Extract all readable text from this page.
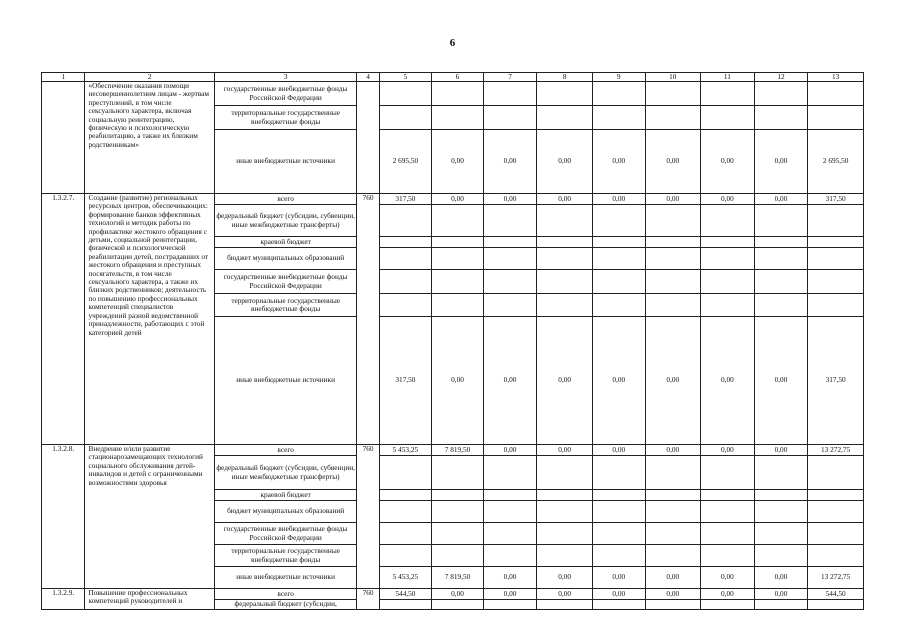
6
1	2	3	4	5	6	7	8	9	10	11	12	13
	«Обеспечение оказания помощи несовершеннолетним лицам - жертвам преступлений, в том числе сексуального характера, включая социальную реинтеграцию, физическую и психологическую реабилитацию, а также их близким родственникам»	государственные внебюджетные фонды Российской Федерации										
		территориальные государственные внебюджетные фонды										
		иные внебюджетные источники		2 695,50	0,00	0,00	0,00	0,00	0,00	0,00	0,00	2 695,50
1.3.2.7.	Создание (развитие) региональных ресурсных центров, обеспечивающих: формирование банков эффективных технологий и методик работы по профилактике жестокого обращения с детьми, социальной реинтеграции, физической и психологической реабилитации детей, пострадавших от жестокого обращения и преступных посягательств, в том числе сексуального характера, а также их близких родственников; деятельность по повышению профессиональных компетенций специалистов учреждений разной ведомственной принадлежности, работающих с этой категорией детей	всего	760	317,50	0,00	0,00	0,00	0,00	0,00	0,00	0,00	317,50
		федеральный бюджет (субсидии, субвенции, иные межбюджетные трансферты)										
		краевой бюджет										
		бюджет муниципальных образований										
		государственные внебюджетные фонды Российской Федерации										
		территориальные государственные внебюджетные фонды										
		иные внебюджетные источники		317,50	0,00	0,00	0,00	0,00	0,00	0,00	0,00	317,50
1.3.2.8.	Внедрение и/или развитие стационарозамещающих технологий социального обслуживания детей-инвалидов и детей с ограниченными возможностями здоровья	всего	760	5 453,25	7 819,50	0,00	0,00	0,00	0,00	0,00	0,00	13 272,75
		федеральный бюджет (субсидии, субвенции, иные межбюджетные трансферты)										
		краевой бюджет										
		бюджет муниципальных образований										
		государственные внебюджетные фонды Российской Федерации										
		территориальные государственные внебюджетные фонды										
		иные внебюджетные источники		5 453,25	7 819,50	0,00	0,00	0,00	0,00	0,00	0,00	13 272,75
1.3.2.9.	Повышение профессиональных компетенций руководителей и	всего	760	544,50	0,00	0,00	0,00	0,00	0,00	0,00	0,00	544,50
		федеральный бюджет (субсидии,										
